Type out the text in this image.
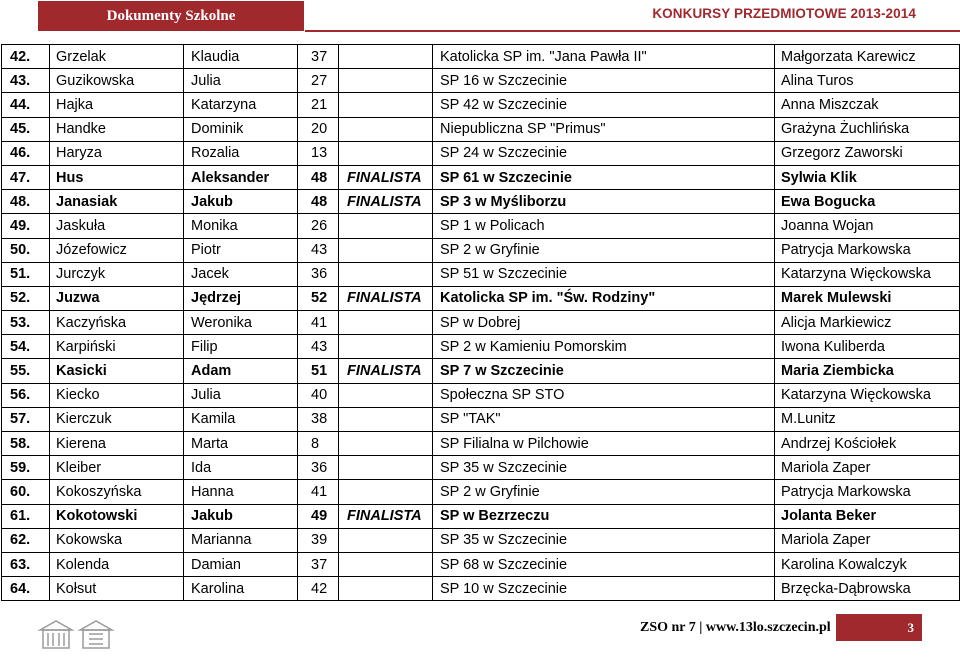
Dokumenty Szkolne	KONKURSY PRZEDMIOTOWE 2013-2014
42.	Grzelak	Klaudia	37		Katolicka SP im. "Jana Pawła II"	Małgorzata Karewicz
43.	Guzikowska	Julia	27		SP 16 w Szczecinie	Alina Turos
44.	Hajka	Katarzyna	21		SP 42 w Szczecinie	Anna Miszczak
45.	Handke	Dominik	20		Niepubliczna SP "Primus"	Grażyna Żuchlińska
46.	Haryza	Rozalia	13		SP 24 w Szczecinie	Grzegorz Zaworski
47.	Hus	Aleksander	48	FINALISTA	SP 61 w Szczecinie	Sylwia Klik
48.	Janasiak	Jakub	48	FINALISTA	SP 3 w Myśliborzu	Ewa Bogucka
49.	Jaskuła	Monika	26		SP 1 w Policach	Joanna Wojan
50.	Józefowicz	Piotr	43		SP 2 w Gryfinie	Patrycja Markowska
51.	Jurczyk	Jacek	36		SP 51 w Szczecinie	Katarzyna Więckowska
52.	Juzwa	Jędrzej	52	FINALISTA	Katolicka SP im. "Św. Rodziny"	Marek Mulewski
53.	Kaczyńska	Weronika	41		SP w Dobrej	Alicja Markiewicz
54.	Karpiński	Filip	43		SP 2 w Kamieniu Pomorskim	Iwona Kuliberda
55.	Kasicki	Adam	51	FINALISTA	SP 7 w Szczecinie	Maria Ziembicka
56.	Kiecko	Julia	40		Społeczna SP STO	Katarzyna Więckowska
57.	Kierczuk	Kamila	38		SP "TAK"	M.Lunitz
58.	Kierena	Marta	8		SP Filialna w Pilchowie	Andrzej Kościołek
59.	Kleiber	Ida	36		SP 35 w Szczecinie	Mariola Zaper
60.	Kokoszyńska	Hanna	41		SP 2 w Gryfinie	Patrycja Markowska
61.	Kokotowski	Jakub	49	FINALISTA	SP w Bezrzeczu	Jolanta Beker
62.	Kokowska	Marianna	39		SP 35 w Szczecinie	Mariola Zaper
63.	Kolenda	Damian	37		SP 68 w Szczecinie	Karolina Kowalczyk
64.	Kołsut	Karolina	42		SP 10 w Szczecinie	Brzęcka-Dąbrowska
ZSO nr 7 | www.13lo.szczecin.pl	3
